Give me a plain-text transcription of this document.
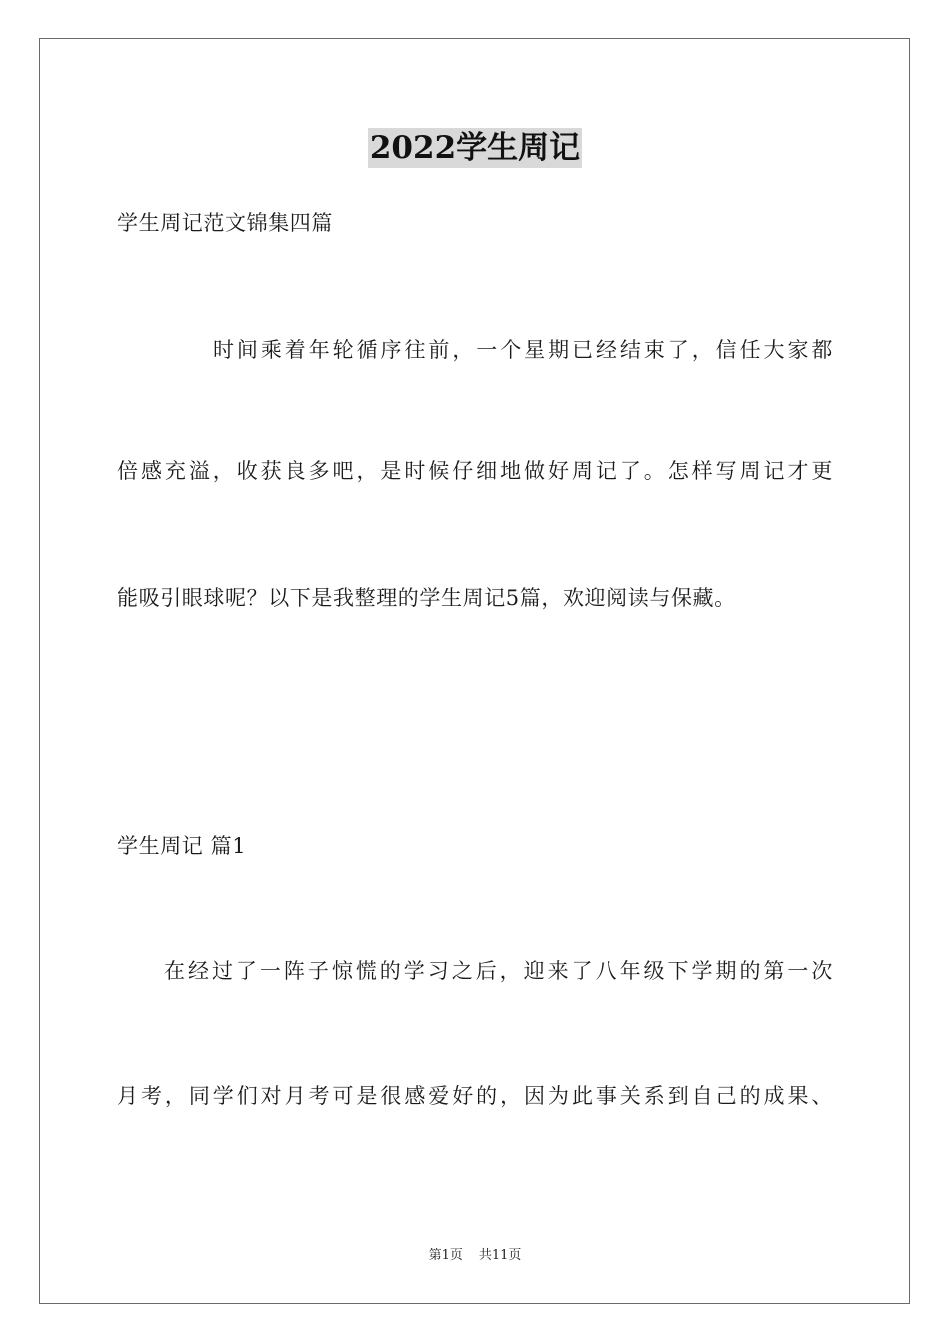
2022学生周记
学生周记范文锦集四篇
时间乘着年轮循序往前，一个星期已经结束了，信任大家都
倍感充溢，收获良多吧，是时候仔细地做好周记了。怎样写周记才更
能吸引眼球呢？以下是我整理的学生周记5篇，欢迎阅读与保藏。
学生周记 篇1
在经过了一阵子惊慌的学习之后，迎来了八年级下学期的第一次
月考，同学们对月考可是很感爱好的，因为此事关系到自己的成果、
第1页 共11页
